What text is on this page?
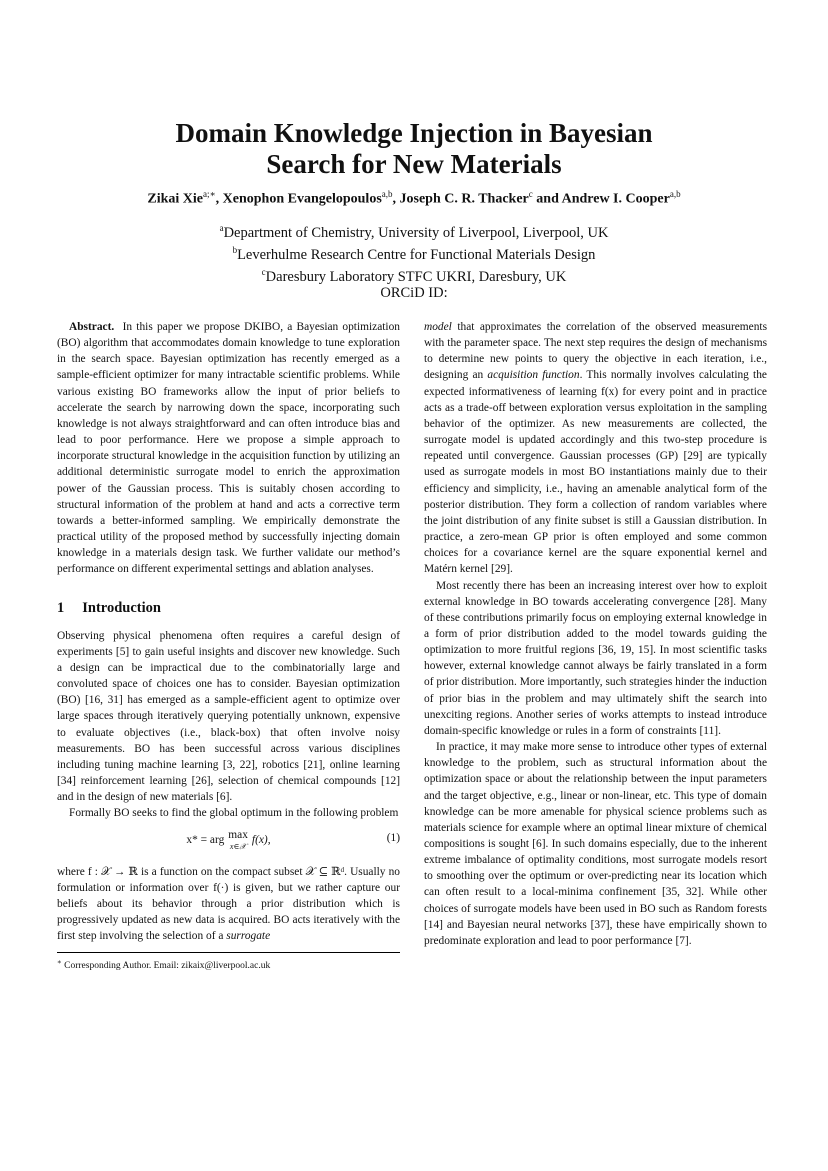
Domain Knowledge Injection in Bayesian
Search for New Materials
Zikai Xie$^{a;∗}$, Xenophon Evangelopoulos$^{a,b}$, Joseph C. R. Thacker$^c$ and Andrew I. Cooper$^{a,b}$
$^a$Department of Chemistry, University of Liverpool, Liverpool, UK
$^b$Leverhulme Research Centre for Functional Materials Design
$^c$Daresbury Laboratory STFC UKRI, Daresbury, UK
ORCiD ID:

Abstract. In this paper we propose DKIBO, a Bayesian optimization (BO) algorithm that accommodates domain knowledge to tune exploration in the search space. Bayesian optimization has recently emerged as a sample-efficient optimizer for many intractable scientific problems. While various existing BO frameworks allow the input of prior beliefs to accelerate the search by narrowing down the space, incorporating such knowledge is not always straightforward and can often introduce bias and lead to poor performance. Here we propose a simple approach to incorporate structural knowledge in the acquisition function by utilizing an additional deterministic surrogate model to enrich the approximation power of the Gaussian process. This is suitably chosen according to structural information of the problem at hand and acts a corrective term towards a better-informed sampling. We empirically demonstrate the practical utility of the proposed method by successfully injecting domain knowledge in a materials design task. We further validate our method’s performance on different experimental settings and ablation analyses.

1 Introduction

Observing physical phenomena often requires a careful design of experiments [5] to gain useful insights and discover new knowledge. Such a design can be impractical due to the combinatorially large and convoluted space of choices one has to consider. Bayesian optimization (BO) [16, 31] has emerged as a sample-efficient agent to optimize over large spaces through iteratively querying potentially unknown, expensive to evaluate objectives (i.e., black-box) that often involve noisy measurements. BO has been successful across various disciplines including tuning machine learning [3, 22], robotics [21], online learning [34] reinforcement learning [26], selection of chemical compounds [12] and in the design of new materials [6].

Formally BO seeks to find the global optimum in the following problem

x* = arg max
x∈𝒳 f(x),	(1)

where f : 𝒳 → ℝ is a function on the compact subset 𝒳 ⊆ ℝᵈ. Usually no formulation or information over f(·) is given, but we rather capture our beliefs about its behavior through a prior distribution which is progressively updated as new data is acquired. BO acts iteratively with the first step involving the selection of a surrogate

∗ Corresponding Author. Email: zikaix@liverpool.ac.uk

model that approximates the correlation of the observed measurements with the parameter space. The next step requires the design of mechanisms to determine new points to query the objective in each iteration, i.e., designing an acquisition function. This normally involves calculating the expected informativeness of learning f(x) for every point and in practice acts as a trade-off between exploration versus exploitation in the sampling behavior of the optimizer. As new measurements are collected, the surrogate model is updated accordingly and this two-step procedure is repeated until convergence. Gaussian processes (GP) [29] are typically used as surrogate models in most BO instantiations mainly due to their efficiency and simplicity, i.e., having an amenable analytical form of the posterior distribution. They form a collection of random variables where the joint distribution of any finite subset is still a Gaussian distribution. In practice, a zero-mean GP prior is often employed and some common choices for a covariance kernel are the square exponential kernel and Matérn kernel [29].

Most recently there has been an increasing interest over how to exploit external knowledge in BO towards accelerating convergence [28]. Many of these contributions primarily focus on employing external knowledge in a form of prior distribution added to the model towards guiding the optimization to more fruitful regions [36, 19, 15]. In most scientific tasks however, external knowledge cannot always be fairly translated in a form of prior distribution. More importantly, such strategies hinder the induction of prior bias in the problem and may ultimately shift the search into unexciting regions. Another series of works attempts to instead introduce domain-specific knowledge or rules in a form of constraints [11].

In practice, it may make more sense to introduce other types of external knowledge to the problem, such as structural information about the optimization space or about the relationship between the input parameters and the target objective, e.g., linear or non-linear, etc. This type of domain knowledge can be more amenable for physical science problems such as materials science for example where an optimal linear mixture of chemical compositions is sought [6]. In such domains especially, due to the inherent extreme imbalance of optimality conditions, most surrogate models resort to smoothing over the optimum or over-predicting near its location which can often result to a local-minima confinement [35, 32]. While other choices of surrogate models have been used in BO such as Random forests [14] and Bayesian neural networks [37], these have empirically shown to predominate exploration and lead to poor performance [7].
